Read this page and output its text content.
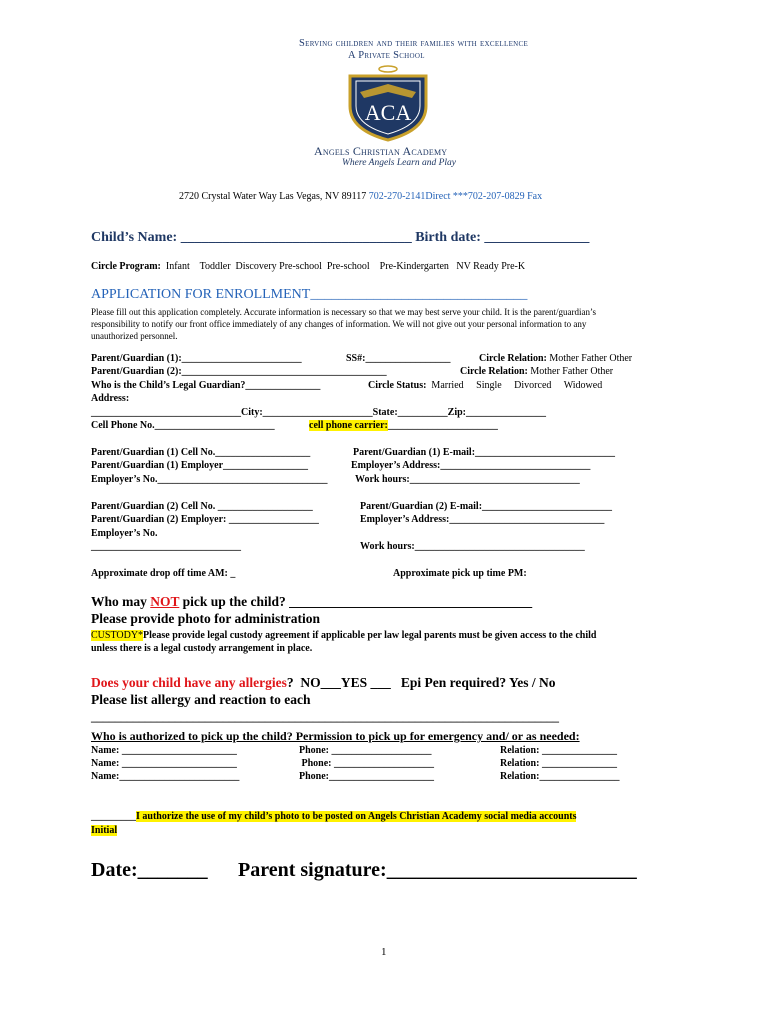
Serving children and their families with excellence
A Private School
ACA
Angels Christian Academy
Where Angels Learn and Play
2720 Crystal Water Way Las Vegas, NV 89117 702-270-2141Direct ***702-207-0829 Fax
Child’s Name: _________________________________ Birth date: _______________
Circle Program: Infant    Toddler  Discovery Pre-school  Pre-school    Pre-Kindergarten   NV Ready Pre-K
APPLICATION FOR ENROLLMENT_______________________________
Please fill out this application completely. Accurate information is necessary so that we may best serve your child. It is the parent/guardian’s
responsibility to notify our front office immediately of any changes of information. We will not give out your personal information to any
unauthorized personnel.
Parent/Guardian (1):________________________	SS#:_________________	Circle Relation: Mother Father Other
Parent/Guardian (2):_________________________________________	Circle Relation: Mother Father Other
Who is the Child’s Legal Guardian?_______________	Circle Status: Married     Single     Divorced     Widowed
Address:
______________________________City:______________________State:__________Zip:________________
Cell Phone No.________________________	cell phone carrier:______________________
Parent/Guardian (1) Cell No.___________________	Parent/Guardian (1) E-mail:____________________________
Parent/Guardian (1) Employer_________________	Employer’s Address:______________________________
Employer’s No.__________________________________	Work hours:__________________________________
Parent/Guardian (2) Cell No. ___________________	Parent/Guardian (2) E-mail:__________________________
Parent/Guardian (2) Employer: __________________	Employer’s Address:_______________________________
Employer’s No.
______________________________	Work hours:__________________________________
Approximate drop off time AM: _	Approximate pick up time PM:
Who may NOT pick up the child? ____________________________________
Please provide photo for administration
CUSTODY*Please provide legal custody agreement if applicable per law legal parents must be given access to the child
unless there is a legal custody arrangement in place.
Does your child have any allergies?  NO___YES ___   Epi Pen required? Yes / No
Please list allergy and reaction to each
______________________________________________________________________________
Who is authorized to pick up the child? Permission to pick up for emergency and/ or as needed:
Name: _______________________	Phone: ____________________	Relation: _______________
Name: _______________________	Phone: ____________________	Relation: _______________
Name:________________________	Phone:_____________________	Relation:________________
_________I authorize the use of my child’s photo to be posted on Angels Christian Academy social media accounts
Initial
Date:_______ Parent signature:_________________________
1
